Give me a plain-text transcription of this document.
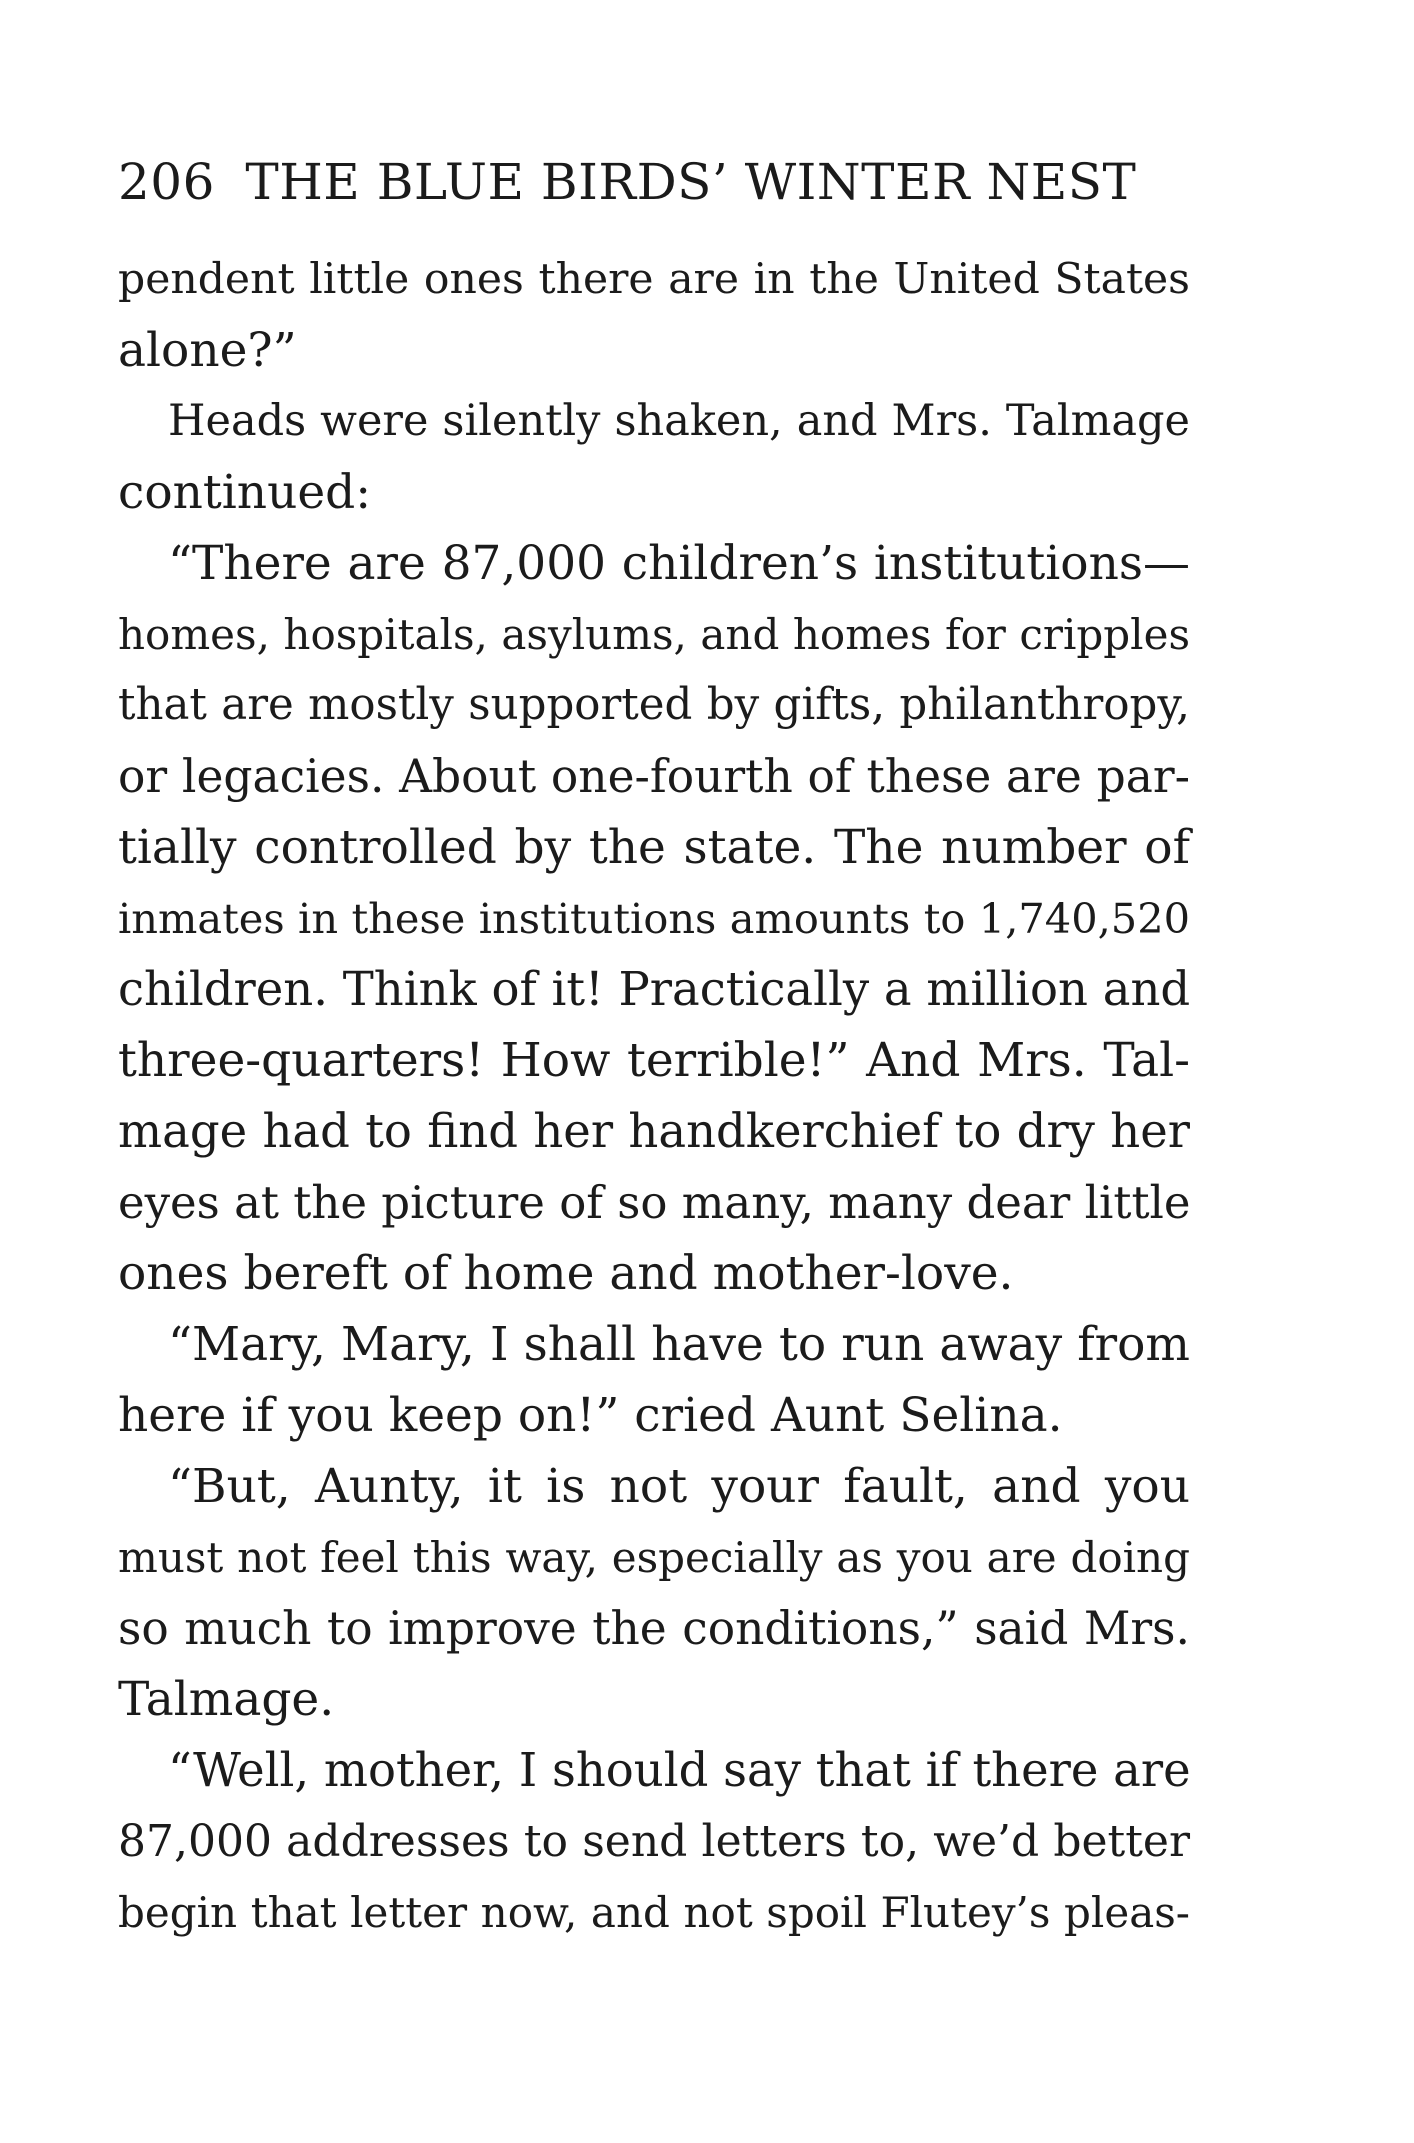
206 THE BLUE BIRDS’ WINTER NEST
pendent little ones there are in the United States
alone?”
Heads were silently shaken, and Mrs. Talmage
continued:
“There are 87,000 children’s institutions—
homes, hospitals, asylums, and homes for cripples
that are mostly supported by gifts, philanthropy,
or legacies. About one-fourth of these are par-
tially controlled by the state. The number of
inmates in these institutions amounts to 1,740,520
children. Think of it! Practically a million and
three-quarters! How terrible!” And Mrs. Tal-
mage had to find her handkerchief to dry her
eyes at the picture of so many, many dear little
ones bereft of home and mother-love.
“Mary, Mary, I shall have to run away from
here if you keep on!” cried Aunt Selina.
“But, Aunty, it is not your fault, and you
must not feel this way, especially as you are doing
so much to improve the conditions,” said Mrs.
Talmage.
“Well, mother, I should say that if there are
87,000 addresses to send letters to, we’d better
begin that letter now, and not spoil Flutey’s pleas-
